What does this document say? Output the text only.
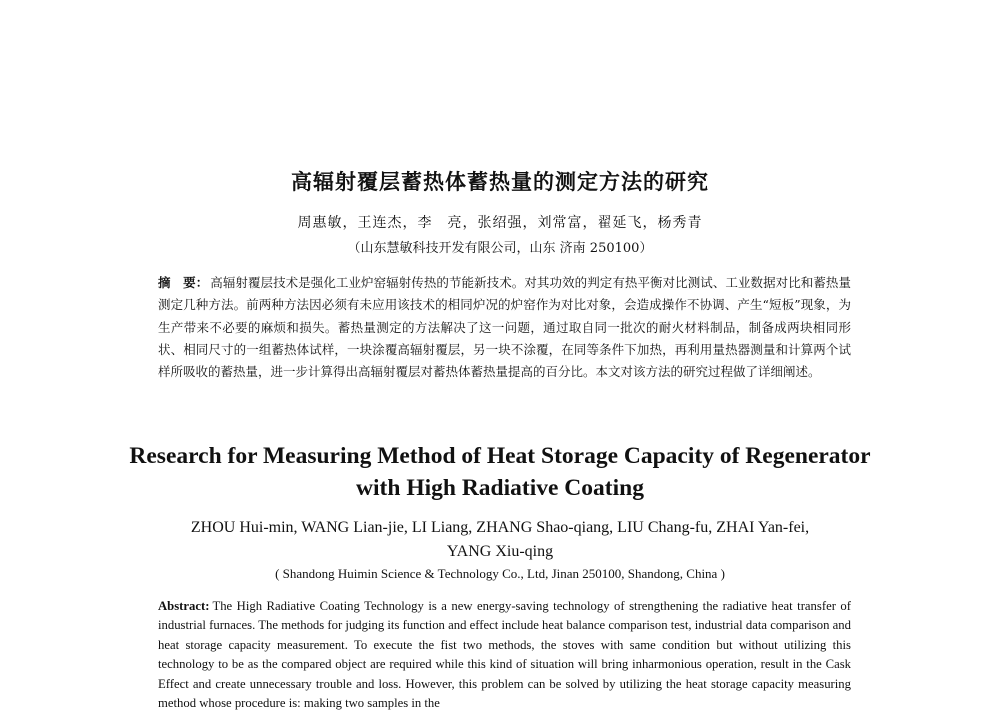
高辐射覆层蓄热体蓄热量的测定方法的研究
周惠敏，王连杰，李　亮，张绍强，刘常富，翟延飞，杨秀青
（山东慧敏科技开发有限公司，山东 济南 250100）
摘　要： 高辐射覆层技术是强化工业炉窑辐射传热的节能新技术。对其功效的判定有热平衡对比测试、工业数据对比和蓄热量测定几种方法。前两种方法因必须有未应用该技术的相同炉况的炉窑作为对比对象，会造成操作不协调、产生“短板”现象，为生产带来不必要的麻烦和损失。蓄热量测定的方法解决了这一问题，通过取自同一批次的耐火材料制品，制备成两块相同形状、相同尺寸的一组蓄热体试样，一块涂覆高辐射覆层，另一块不涂覆，在同等条件下加热，再利用量热器测量和计算两个试样所吸收的蓄热量，进一步计算得出高辐射覆层对蓄热体蓄热量提高的百分比。本文对该方法的研究过程做了详细阐述。
Research for Measuring Method of Heat Storage Capacity of Regenerator
with High Radiative Coating
ZHOU Hui-min, WANG Lian-jie, LI Liang, ZHANG Shao-qiang, LIU Chang-fu, ZHAI Yan-fei,
YANG Xiu-qing
( Shandong Huimin Science & Technology Co., Ltd, Jinan 250100, Shandong, China )
Abstract: The High Radiative Coating Technology is a new energy-saving technology of strengthening the radiative heat transfer of industrial furnaces. The methods for judging its function and effect include heat balance comparison test, industrial data comparison and heat storage capacity measurement. To execute the fist two methods, the stoves with same condition but without utilizing this technology to be as the compared object are required while this kind of situation will bring inharmonious operation, result in the Cask Effect and create unnecessary trouble and loss. However, this problem can be solved by utilizing the heat storage capacity measuring method whose procedure is: making two samples in the
